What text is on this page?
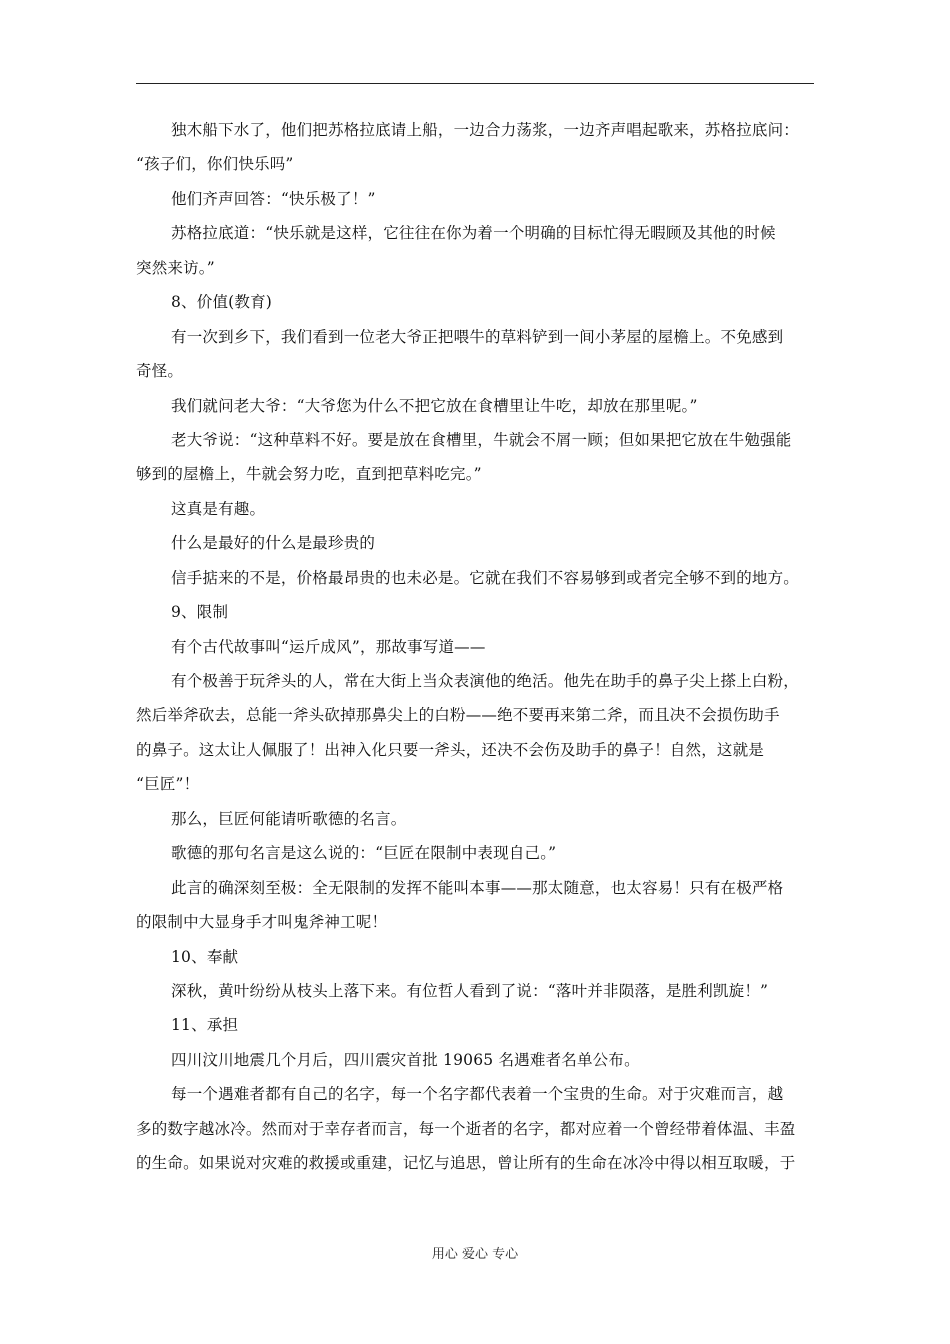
独木船下水了，他们把苏格拉底请上船，一边合力荡浆，一边齐声唱起歌来，苏格拉底问：
“孩子们，你们快乐吗”
他们齐声回答：“快乐极了！”
苏格拉底道：“快乐就是这样，它往往在你为着一个明确的目标忙得无暇顾及其他的时候
突然来访。”
8、价值(教育)
有一次到乡下，我们看到一位老大爷正把喂牛的草料铲到一间小茅屋的屋檐上。不免感到
奇怪。
我们就问老大爷：“大爷您为什么不把它放在食槽里让牛吃，却放在那里呢。”
老大爷说：“这种草料不好。要是放在食槽里，牛就会不屑一顾；但如果把它放在牛勉强能
够到的屋檐上，牛就会努力吃，直到把草料吃完。”
这真是有趣。
什么是最好的什么是最珍贵的
信手掂来的不是，价格最昂贵的也未必是。它就在我们不容易够到或者完全够不到的地方。
9、限制
有个古代故事叫“运斤成风”，那故事写道——
有个极善于玩斧头的人，常在大街上当众表演他的绝活。他先在助手的鼻子尖上搽上白粉，
然后举斧砍去，总能一斧头砍掉那鼻尖上的白粉——绝不要再来第二斧，而且决不会损伤助手
的鼻子。这太让人佩服了！出神入化只要一斧头，还决不会伤及助手的鼻子！自然，这就是
“巨匠”！
那么，巨匠何能请听歌德的名言。
歌德的那句名言是这么说的：“巨匠在限制中表现自己。”
此言的确深刻至极：全无限制的发挥不能叫本事——那太随意，也太容易！只有在极严格
的限制中大显身手才叫鬼斧神工呢！
10、奉献
深秋，黄叶纷纷从枝头上落下来。有位哲人看到了说：“落叶并非陨落，是胜利凯旋！”
11、承担
四川汶川地震几个月后，四川震灾首批 19065 名遇难者名单公布。
每一个遇难者都有自己的名字，每一个名字都代表着一个宝贵的生命。对于灾难而言，越
多的数字越冰冷。然而对于幸存者而言，每一个逝者的名字，都对应着一个曾经带着体温、丰盈
的生命。如果说对灾难的救援或重建，记忆与追思，曾让所有的生命在冰冷中得以相互取暖，于
用心 爱心 专心
